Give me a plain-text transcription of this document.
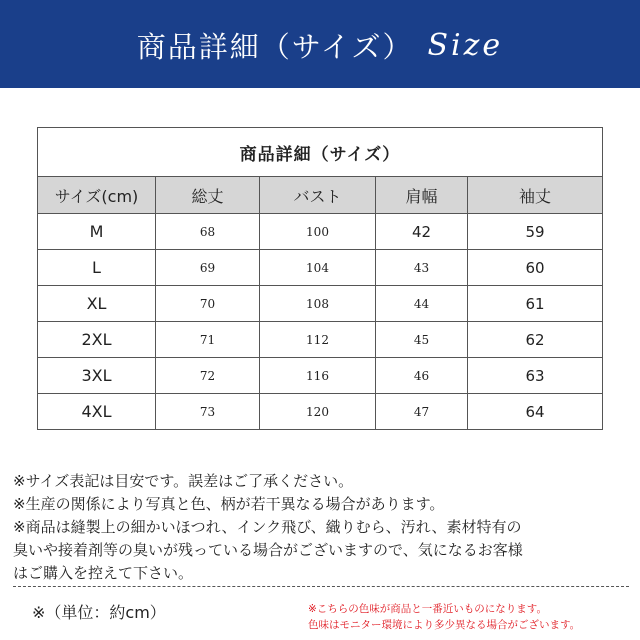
商品詳細（サイズ） Size
商品詳細（サイズ）				
サイズ(cm)	総丈	バスト	肩幅	袖丈
M	68	100	42	59
L	69	104	43	60
XL	70	108	44	61
2XL	71	112	45	62
3XL	72	116	46	63
4XL	73	120	47	64

※サイズ表記は目安です。誤差はご了承ください。

※生産の関係により写真と色、柄が若干異なる場合があります。

※商品は縫製上の細かいほつれ、インク飛び、織りむら、汚れ、素材特有の

臭いや接着剤等の臭いが残っている場合がございますので、気になるお客様

はご購入を控えて下さい。

※（単位：約cm）	※こちらの色味が商品と一番近いものになります。

色味はモニター環境により多少異なる場合がございます。
